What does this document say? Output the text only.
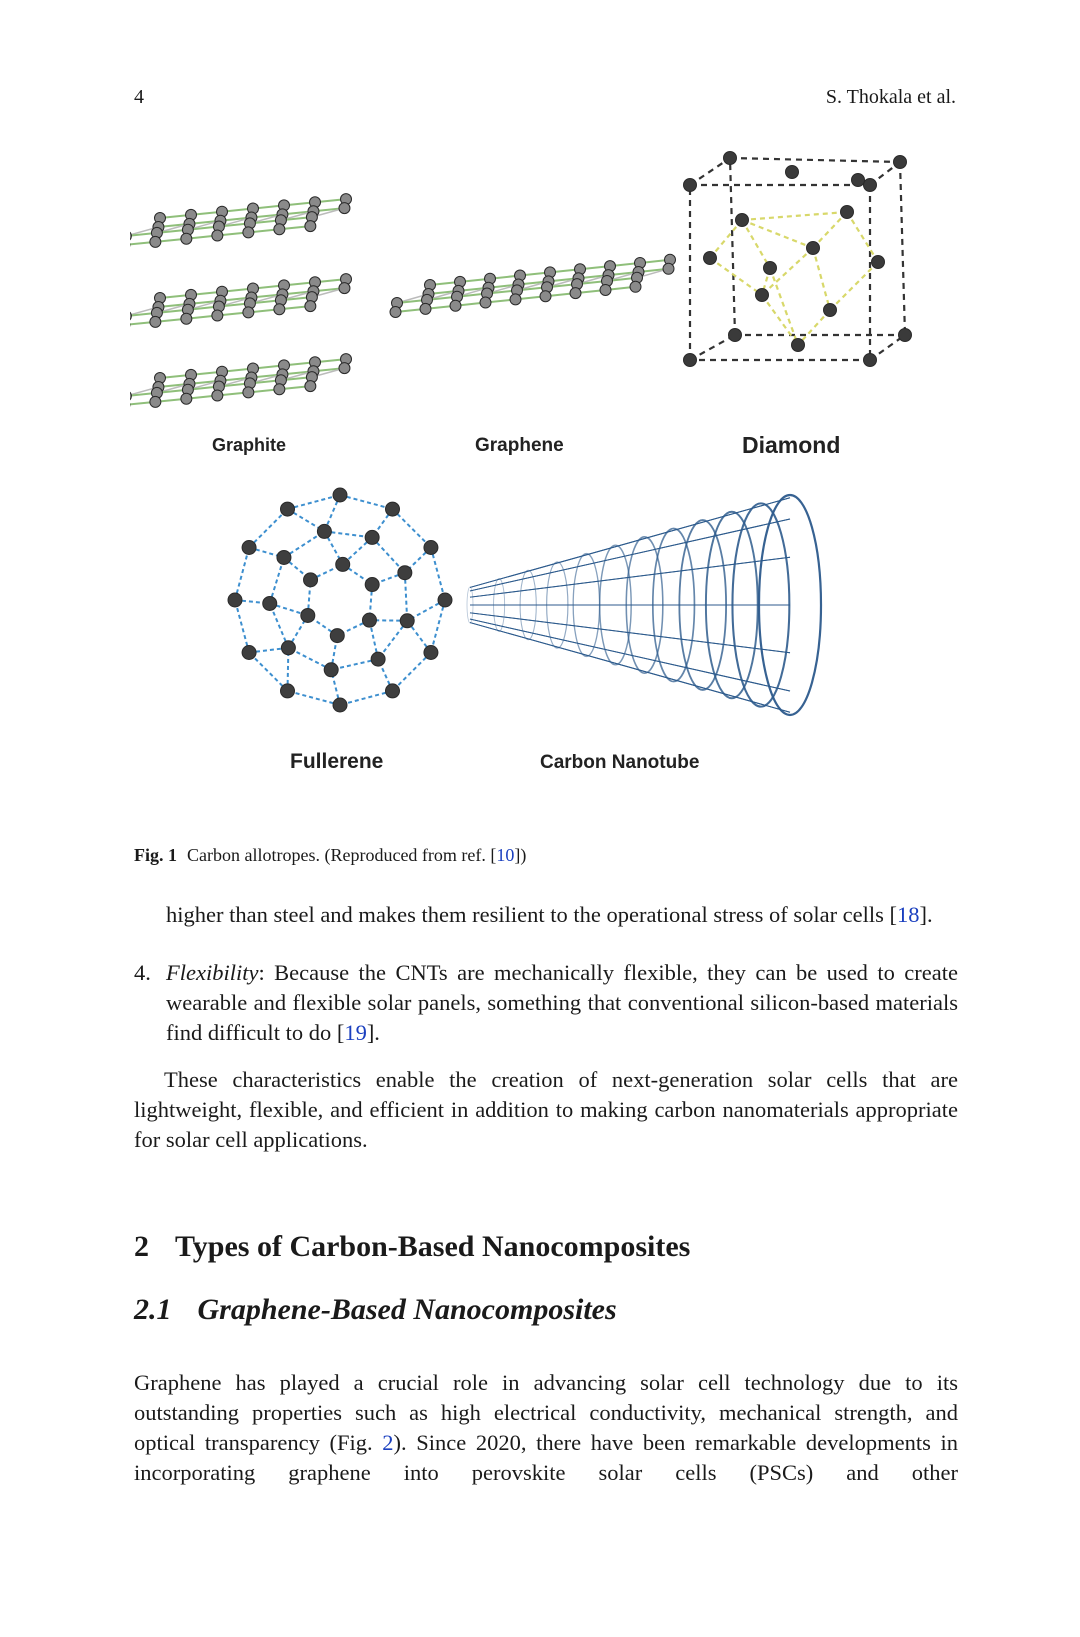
4	S. Thokala et al.
Graphite	Graphene	Diamond
Fullerene	Carbon Nanotube
Fig. 1 Carbon allotropes. (Reproduced from ref. [10])
higher than steel and makes them resilient to the operational stress of solar cells [18].
4. Flexibility: Because the CNTs are mechanically flexible, they can be used to create wearable and flexible solar panels, something that conventional silicon-based materials find difficult to do [19].
These characteristics enable the creation of next-generation solar cells that are lightweight, flexible, and efficient in addition to making carbon nanomaterials appropriate for solar cell applications.
2 Types of Carbon-Based Nanocomposites
2.1 Graphene-Based Nanocomposites
Graphene has played a crucial role in advancing solar cell technology due to its outstanding properties such as high electrical conductivity, mechanical strength, and optical transparency (Fig. 2). Since 2020, there have been remarkable developments in incorporating graphene into perovskite solar cells (PSCs) and other
